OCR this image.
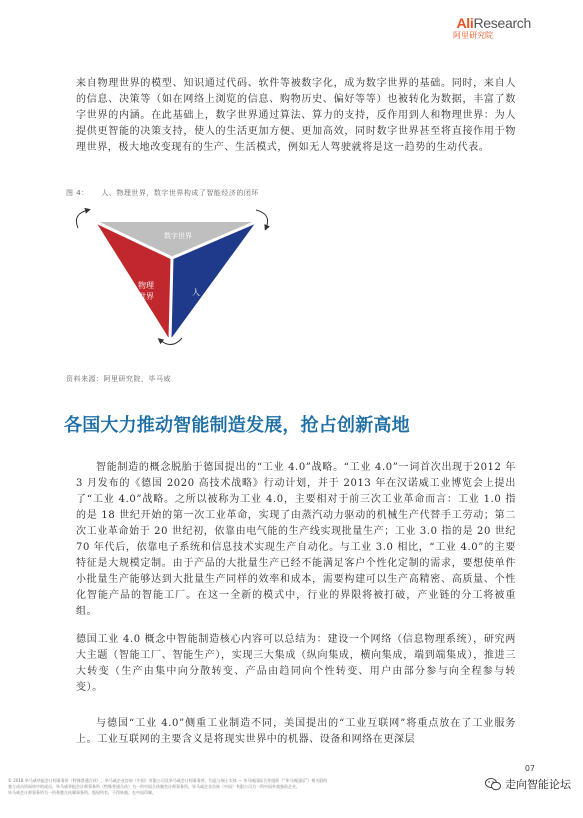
AliResearch
阿里研究院

来自物理世界的模型、知识通过代码、软件等被数字化，成为数字世界的基础。同时，来自人的信息、决策等（如在网络上浏览的信息、购物历史、偏好等等）也被转化为数据，丰富了数字世界的内涵。在此基础上，数字世界通过算法、算力的支持，反作用到人和物理世界：为人提供更智能的决策支持，使人的生活更加方便、更加高效，同时数字世界甚至将直接作用于物理世界，极大地改变现有的生产、生活模式，例如无人驾驶就将是这一趋势的生动代表。

图 4： 人、物理世界，数字世界构成了智能经济的闭环
数字世界
物理
世界	人
资料来源：阿里研究院，毕马威
各国大力推动智能制造发展，抢占创新高地

智能制造的概念脱胎于德国提出的“工业 4.0”战略。“工业 4.0”一词首次出现于2012 年 3 月发布的《德国 2020 高技术战略》行动计划，并于 2013 年在汉诺威工业博览会上提出了“工业 4.0”战略。之所以被称为工业 4.0，主要相对于前三次工业革命而言：工业 1.0 指的是 18 世纪开始的第一次工业革命，实现了由蒸汽动力驱动的机械生产代替手工劳动；第二次工业革命始于 20 世纪初，依靠由电气能的生产线实现批量生产；工业 3.0 指的是 20 世纪 70 年代后，依靠电子系统和信息技术实现生产自动化。与工业 3.0 相比，“工业 4.0”的主要特征是大规模定制。由于产品的大批量生产已经不能满足客户个性化定制的需求，要想使单件小批量生产能够达到大批量生产同样的效率和成本，需要构建可以生产高精密、高质量、个性化智能产品的智能工厂。在这一全新的模式中，行业的界限将被打破，产业链的分工将被重组。

德国工业 4.0 概念中智能制造核心内容可以总结为：建设一个网络（信息物理系统），研究两大主题（智能工厂、智能生产），实现三大集成（纵向集成，横向集成，端到端集成），推进三大转变（生产由集中向分散转变、产品由趋同向个性转变、用户由部分参与向全程参与转变）。

与德国“工业 4.0”侧重工业制造不同，美国提出的“工业互联网”将重点放在了工业服务上。工业互联网的主要含义是将现实世界中的机器、设备和网络在更深层

07
© 2018 毕马威华振会计师事务所（特殊普通合伙），毕马威企业咨询（中国）有限公司及毕马威会计师事务所，均是与瑞士实体 — 毕马威国际合作组织（“毕马威国际”）相关联的
独立成员所网络中的成员，毕马威华振会计师事务所（特殊普通合伙）为一所中国合伙制会计师事务所，毕马威企业咨询（中国）有限公司为一所中国外商独资企业，
毕马威会计师事务所为一所香港合伙制事务所。版权所有，不得转载。在中国印制。
走向智能论坛
